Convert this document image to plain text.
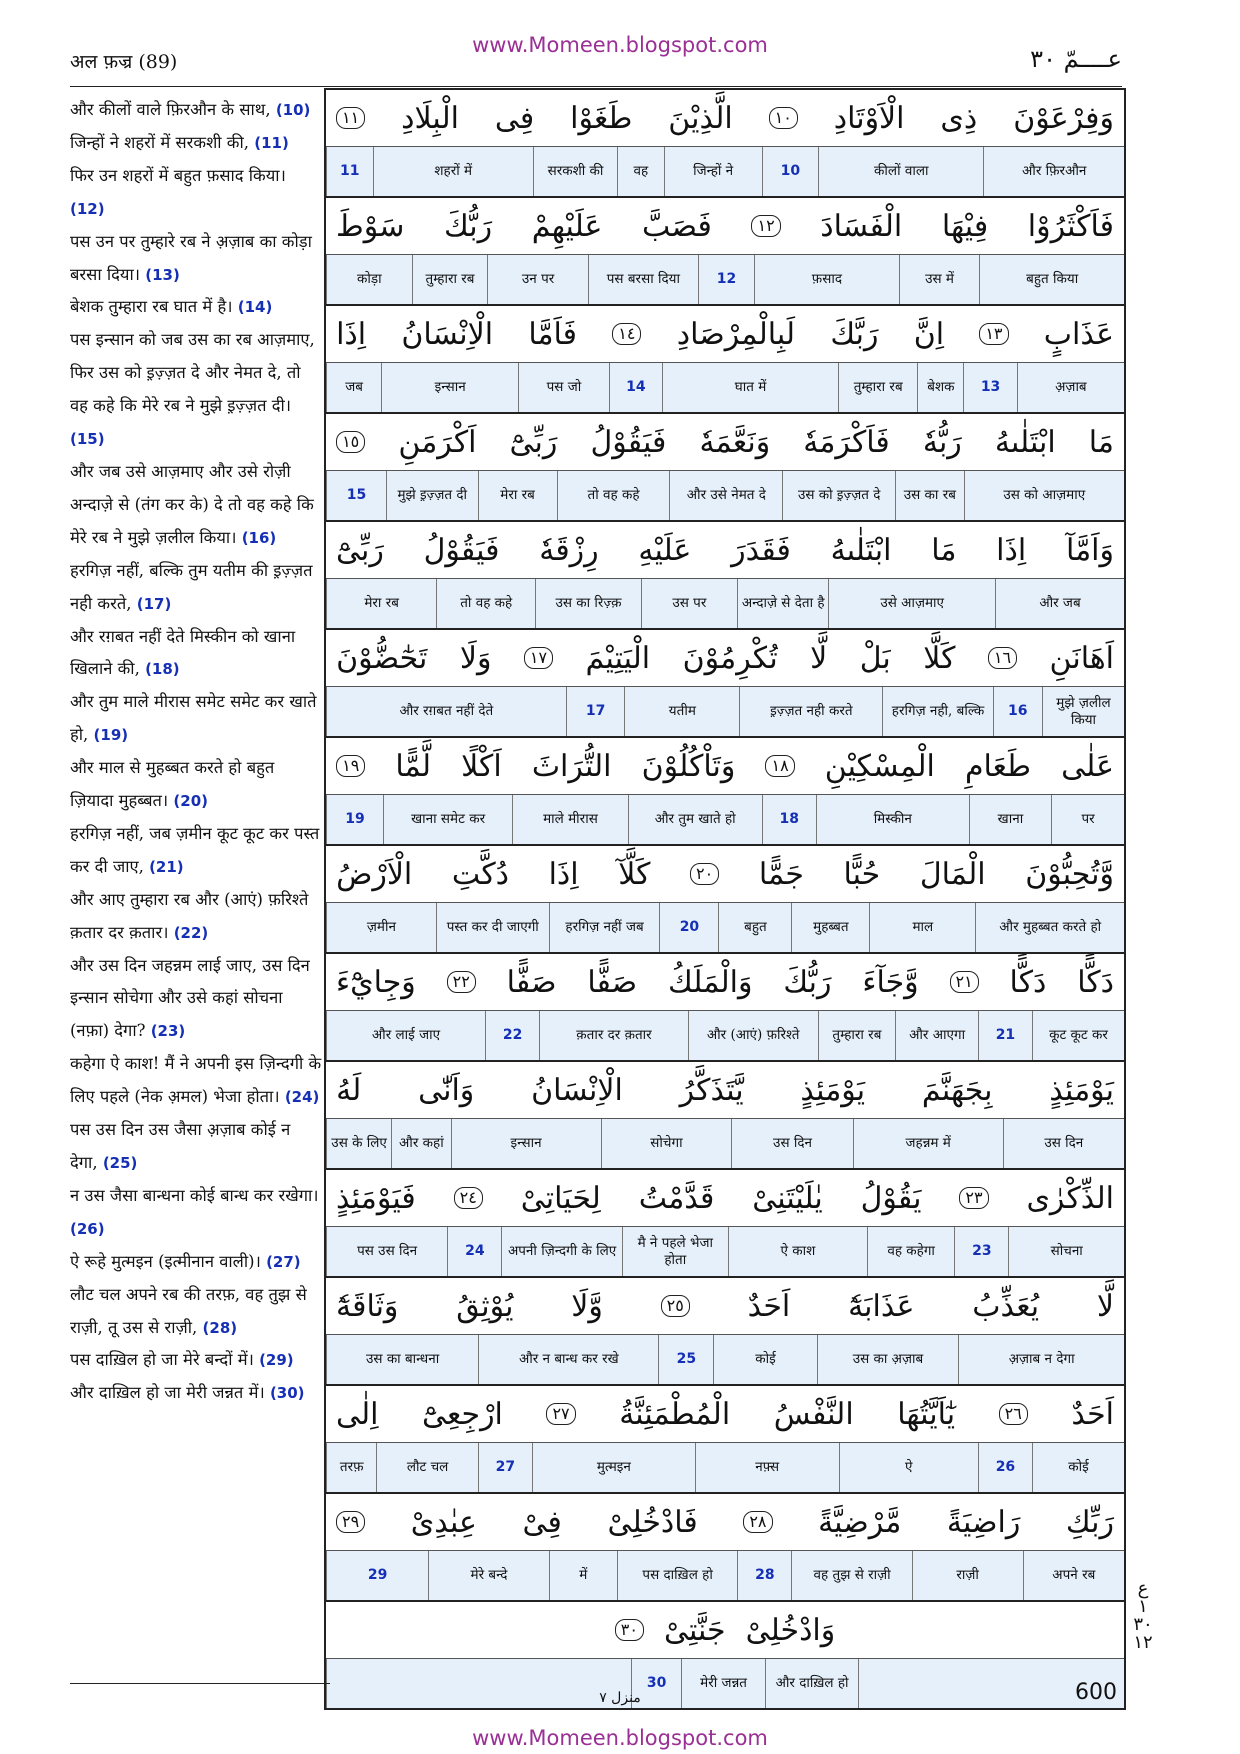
www.Momeen.blogspot.com
अल फ़ज्र (89)	عــــمّ ٣٠
और कीलों वाले फ़िरऔन के साथ, (10)
जिन्हों ने शहरों में सरकशी की, (11)
फिर उन शहरों में बहुत फ़साद किया। (12)
पस उन पर तुम्हारे रब ने अ़ज़ाब का कोड़ा बरसा दिया। (13)
बेशक तुम्हारा रब घात में है। (14)
पस इन्सान को जब उस का रब आज़माए, फिर उस को इ़ज़्ज़त दे और नेमत दे, तो वह कहे कि मेरे रब ने मुझे इ़ज़्ज़त दी। (15)
और जब उसे आज़माए और उसे रोज़ी अन्दाज़े से (तंग कर के) दे तो वह कहे कि मेरे रब ने मुझे ज़लील किया। (16)
हरगिज़ नहीं, बल्कि तुम यतीम की इ़ज़्ज़त नही करते, (17)
और रग़बत नहीं देते मिस्कीन को खाना खिलाने की, (18)
और तुम माले मीरास समेट समेट कर खाते हो, (19)
और माल से मुहब्बत करते हो बहुत ज़ियादा मुहब्बत। (20)
हरगिज़ नहीं, जब ज़मीन कूट कूट कर पस्त कर दी जाए, (21)
और आए तुम्हारा रब और (आएं) फ़रिश्ते क़तार दर क़तार। (22)
और उस दिन जहन्नम लाई जाए, उस दिन इन्सान सोचेगा और उसे कहां सोचना (नफ़ा) देगा? (23)
कहेगा ऐ काश! मैं ने अपनी इस ज़िन्दगी के लिए पहले (नेक अ़मल) भेजा होता। (24)
पस उस दिन उस जैसा अ़ज़ाब कोई न देगा, (25)
न उस जैसा बान्धना कोई बान्ध कर रखेगा। (26)
ऐ रूहे मुत्मइन (इत्मीनान वाली)। (27)
लौट चल अपने रब की तरफ़, वह तुझ से राज़ी, तू उस से राज़ी, (28)
पस दाख़िल हो जा मेरे बन्दों में। (29)
और दाख़िल हो जा मेरी जन्नत में। (30)

وَفِرْعَوْنَ
ذِى
الْاَوْتَادِ
١٠
الَّذِيْنَ
طَغَوْا
فِى
الْبِلَادِ
١١
और फ़िरऔन
कीलों वाला
10
जिन्हों ने
वह
सरकशी की
शहरों में
11
فَاَكْثَرُوْا
فِيْهَا
الْفَسَادَ
١٢
فَصَبَّ
عَلَيْهِمْ
رَبُّكَ
سَوْطَ
बहुत किया
उस में
फ़साद
12
पस बरसा दिया
उन पर
तुम्हारा रब
कोड़ा
عَذَابٍ
١٣
اِنَّ
رَبَّكَ
لَبِالْمِرْصَادِ
١٤
فَاَمَّا
الْاِنْسَانُ
اِذَا
अ़ज़ाब
13
बेशक
तुम्हारा रब
घात में
14
पस जो
इन्सान
जब
مَا
ابْتَلٰىهُ
رَبُّهٗ
فَاَكْرَمَهٗ
وَنَعَّمَهٗ
فَيَقُوْلُ
رَبِّىْٓ
اَكْرَمَنِ
١٥
उस को आज़माए
उस का रब
उस को इ़ज़्ज़त दे
और उसे नेमत दे
तो वह कहे
मेरा रब
मुझे इ़ज़्ज़त दी
15
وَاَمَّآ
اِذَا
مَا
ابْتَلٰىهُ
فَقَدَرَ
عَلَيْهِ
رِزْقَهٗ
فَيَقُوْلُ
رَبِّىْٓ
और जब
उसे आज़माए
अन्दाज़े से देता है
उस पर
उस का रिज़्क़
तो वह कहे
मेरा रब
اَهَانَنِ
١٦
كَلَّا
بَلْ
لَّا
تُكْرِمُوْنَ
الْيَتِيْمَ
١٧
وَلَا
تَحٰٓضُّوْنَ
मुझे ज़लील किया
16
हरगिज़ नही, बल्कि
इ़ज़्ज़त नही करते
यतीम
17
और रग़बत नहीं देते
عَلٰى
طَعَامِ
الْمِسْكِيْنِ
١٨
وَتَاْكُلُوْنَ
التُّرَاثَ
اَكْلًا
لَّمًّا
١٩
पर
खाना
मिस्कीन
18
और तुम खाते हो
माले मीरास
खाना समेट कर
19
وَّتُحِبُّوْنَ
الْمَالَ
حُبًّا
جَمًّا
٢٠
كَلَّآ
اِذَا
دُكَّتِ
الْاَرْضُ
और मुहब्बत करते हो
माल
मुहब्बत
बहुत
20
हरगिज़ नहीं जब
पस्त कर दी जाएगी
ज़मीन
دَكًّا
دَكًّا
٢١
وَّجَآءَ
رَبُّكَ
وَالْمَلَكُ
صَفًّا
صَفًّا
٢٢
وَجِايْٓءَ
कूट कूट कर
21
और आएगा
तुम्हारा रब
और (आएं) फ़रिश्ते
क़तार दर क़तार
22
और लाई जाए
يَوْمَئِذٍ
بِجَهَنَّمَ
يَوْمَئِذٍ
يَّتَذَكَّرُ
الْاِنْسَانُ
وَاَنّٰى
لَهُ
उस दिन
जहन्नम में
उस दिन
सोचेगा
इन्सान
और कहां
उस के लिए
الذِّكْرٰى
٢٣
يَقُوْلُ
يٰلَيْتَنِىْ
قَدَّمْتُ
لِحَيَاتِىْ
٢٤
فَيَوْمَئِذٍ
सोचना
23
वह कहेगा
ऐ काश
मै ने पहले भेजा होता
अपनी ज़िन्दगी के लिए
24
पस उस दिन
لَّا
يُعَذِّبُ
عَذَابَهٗٓ
اَحَدٌ
٢٥
وَّلَا
يُوْثِقُ
وَثَاقَهٗٓ
अ़ज़ाब न देगा
उस का अ़ज़ाब
कोई
25
और न बान्ध कर रखे
उस का बान्धना
اَحَدٌ
٢٦
يٰٓاَيَّتُهَا
النَّفْسُ
الْمُطْمَئِنَّةُ
٢٧
ارْجِعِىْٓ
اِلٰى
कोई
26
ऐ
नफ़्स
मुत्मइन
27
लौट चल
तरफ़
رَبِّكِ
رَاضِيَةً
مَّرْضِيَّةً
٢٨
فَادْخُلِىْ
فِىْ
عِبٰدِىْ
٢٩
अपने रब
राज़ी
वह तुझ से राज़ी
28
पस दाख़िल हो
में
मेरे बन्दे
29
وَادْخُلِىْ
جَنَّتِىْ
٣٠
और दाख़िल हो
मेरी जन्नत
30
منزل ٧	600
ع ١ ٣٠ ١٢
www.Momeen.blogspot.com
